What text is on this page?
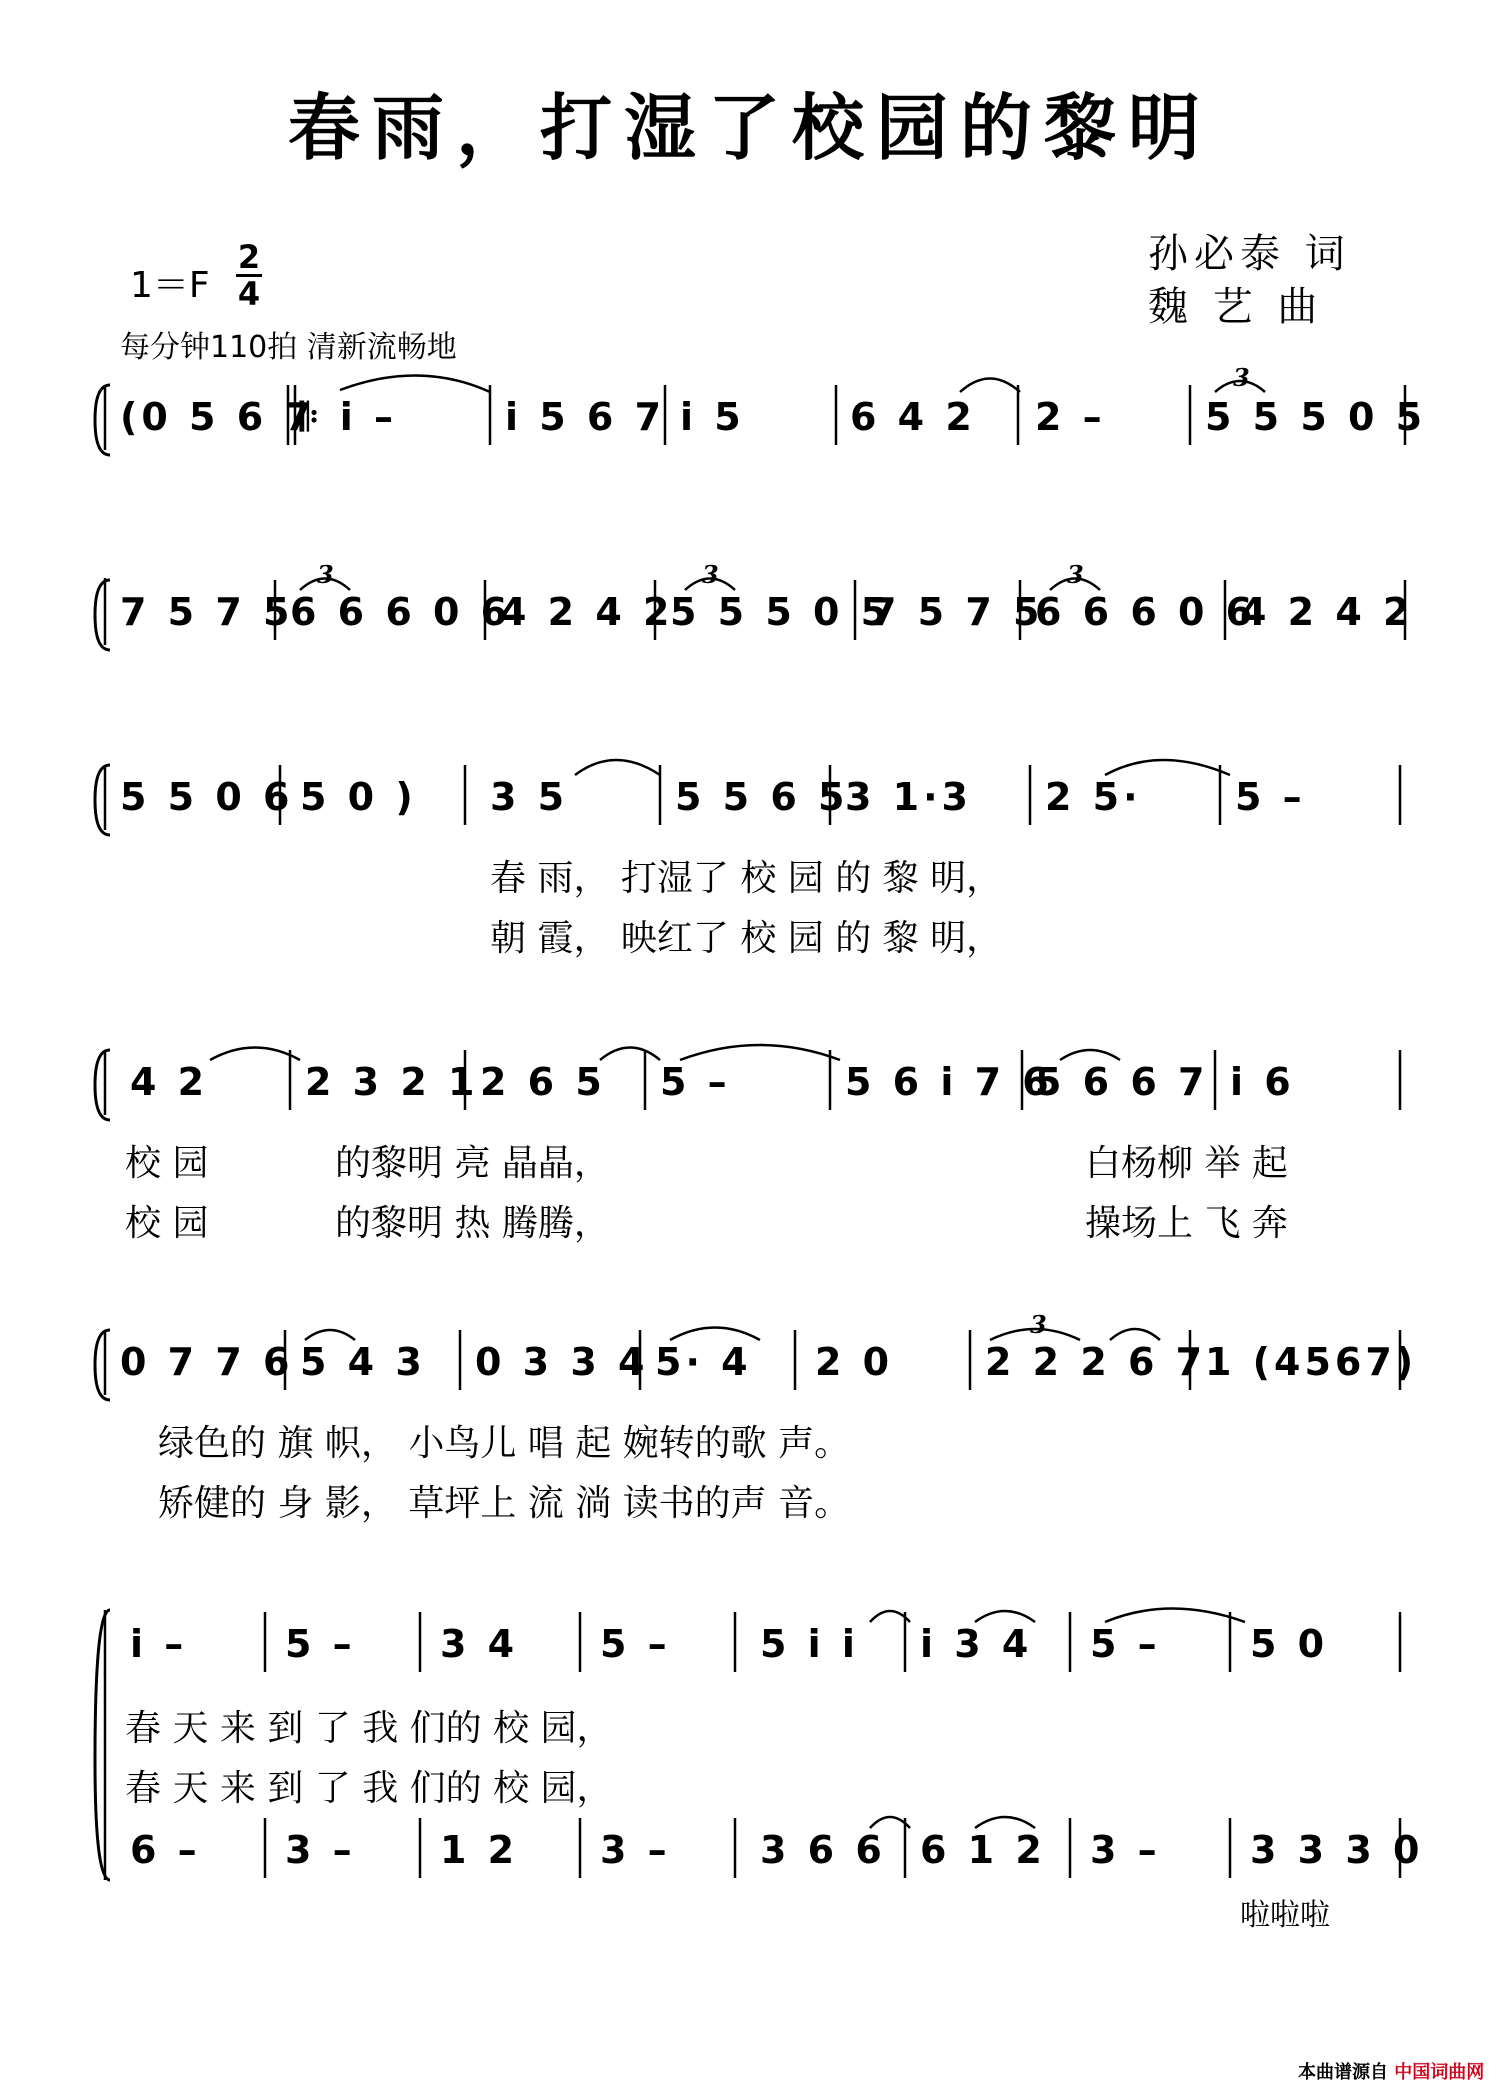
春雨，打湿了校园的黎明
孙必泰 词
魏 艺 曲
1＝F
2
4
每分钟110拍 清新流畅地
3
3	3	3
3
(0 5 6 7
𝄆 i –	i 5 6 7 i 5	6 4 2 2 –	5 5 5 0 5
7 5 7 5
6 6 6 0 6
4 2 4 2
5 5 5 0 5
7 5 7 5
6 6 6 0 6
4 2 4 2
5 5 0 6 5 0 ) 3 5	5 5 6 5
3 1·3 2 5· 5 –
4 2	2 3 2 1 2 6 5 5 –	5 6 i 7 6
5 6 6 7 i 6
0 7 7 6 5 4 3 0 3 3 4 5· 4 2 0 2 2 2 6 7
1 (4567)
i –	5 – 3 4 5 – 5 i i i 3 4 5 – 5 0
6 – 3 – 1 2 3 – 3 6 6 6 1 2 3 – 3 3 3 0
春 雨， 打湿了 校 园 的 黎 明，
朝 霞， 映红了 校 园 的 黎 明，
校 园	的黎明 亮 晶晶，	白杨柳 举 起
校 园	的黎明 热 腾腾，	操场上 飞 奔
绿色的 旗 帜， 小鸟儿 唱 起 婉转的歌 声。
矫健的 身 影， 草坪上 流 淌 读书的声 音。
春 天 来 到 了 我 们的 校 园，
春 天 来 到 了 我 们的 校 园，
啦啦啦
本曲谱源自 中国词曲网
